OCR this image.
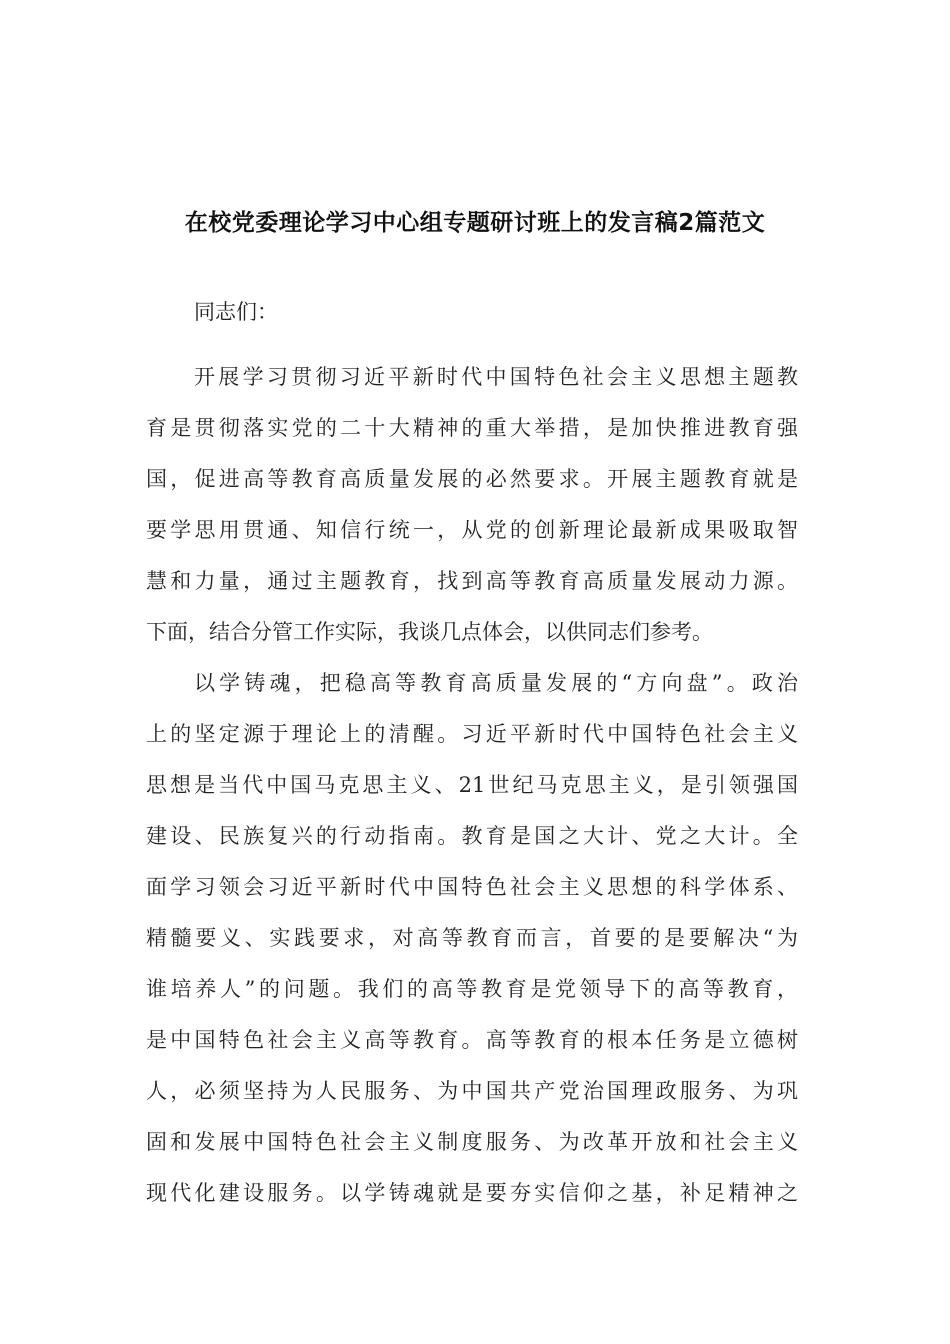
在校党委理论学习中心组专题研讨班上的发言稿2篇范文
同志们：
开展学习贯彻习近平新时代中国特色社会主义思想主题教
育是贯彻落实党的二十大精神的重大举措，是加快推进教育强
国，促进高等教育高质量发展的必然要求。开展主题教育就是
要学思用贯通、知信行统一，从党的创新理论最新成果吸取智
慧和力量，通过主题教育，找到高等教育高质量发展动力源。
下面，结合分管工作实际，我谈几点体会，以供同志们参考。
以学铸魂，把稳高等教育高质量发展的“方向盘”。政治
上的坚定源于理论上的清醒。习近平新时代中国特色社会主义
思想是当代中国马克思主义、21世纪马克思主义，是引领强国
建设、民族复兴的行动指南。教育是国之大计、党之大计。全
面学习领会习近平新时代中国特色社会主义思想的科学体系、
精髓要义、实践要求，对高等教育而言，首要的是要解决“为
谁培养人”的问题。我们的高等教育是党领导下的高等教育，
是中国特色社会主义高等教育。高等教育的根本任务是立德树
人，必须坚持为人民服务、为中国共产党治国理政服务、为巩
固和发展中国特色社会主义制度服务、为改革开放和社会主义
现代化建设服务。以学铸魂就是要夯实信仰之基，补足精神之
